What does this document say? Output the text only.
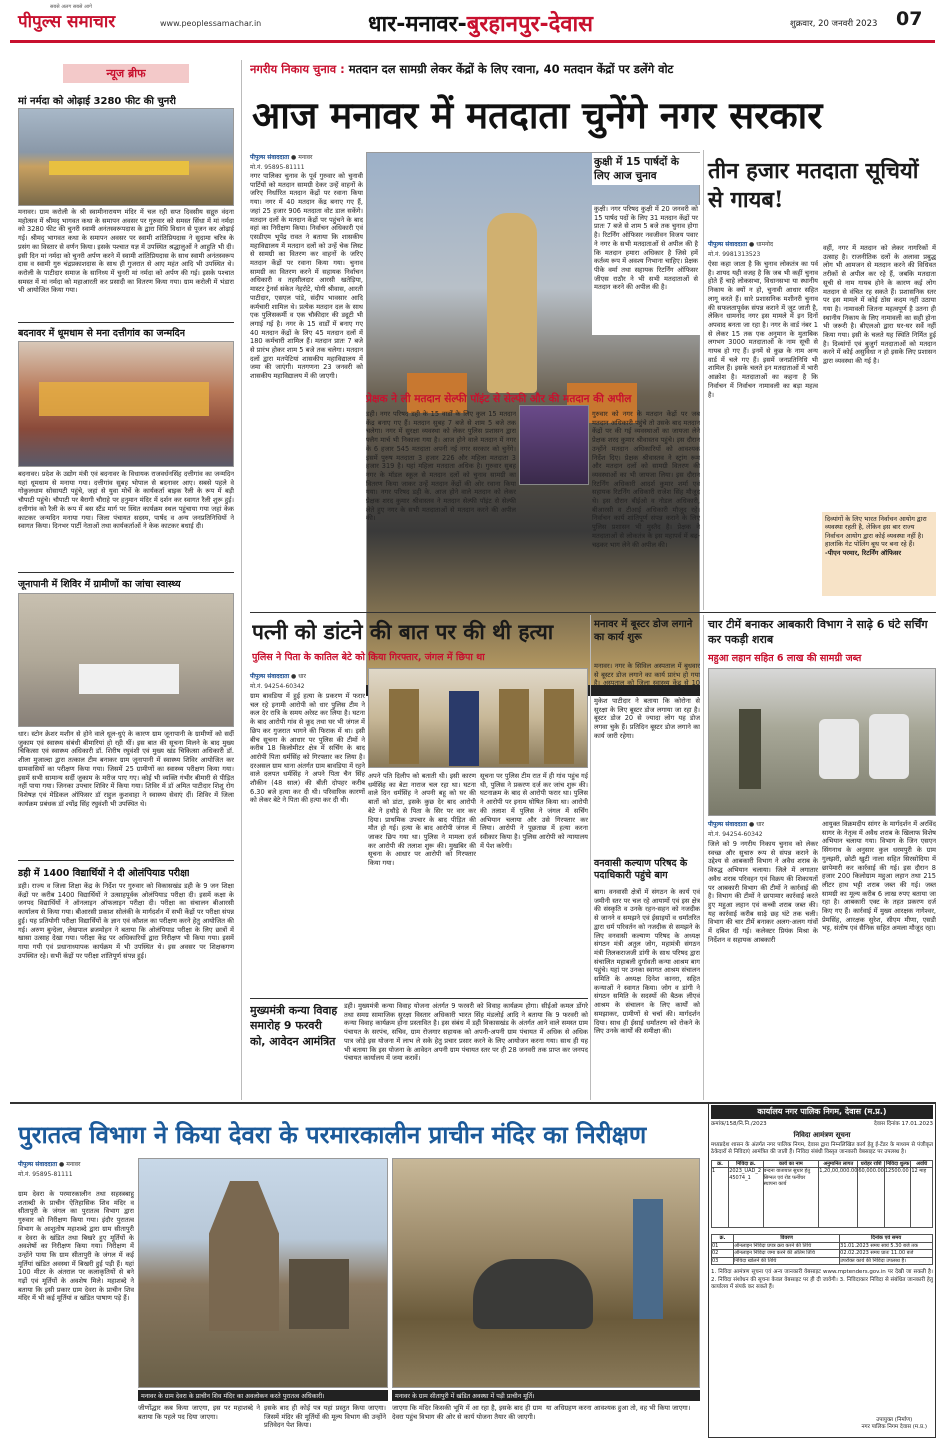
पीपुल्स समाचार
सबसे अलग सबसे आगे
www.peoplessamachar.in	धार-मनावर-बुरहानपुर-देवास	शुक्रवार, 20 जनवरी 2023 07
न्यूज ब्रीफ
मां नर्मदा को ओढ़ाई 3280 फीट की चुनरी
मनावर। ग्राम करोली के श्री स्वामीनारायण मंदिर में चल रही सप्त दिवसीय सद्गुरु वंदना महोत्सव में श्रीमद् भागवत कथा के समापन अवसर पर गुरुवार को समस्त सिंधा में मां नर्मदा को 3280 फीट की चुनरी स्वामी अनंतस्वरूपदास के द्वारा विधि विधान से पूजन कर ओढ़ाई गई। श्रीमद् भागवत कथा के समापन अवसर पर स्वामी शांतिप्रियदास ने सुदामा चरित्र के प्रसंग का विस्तार से वर्णन किया। इसके पश्चात यज्ञ में उपस्थित श्रद्धालुओं ने आहुति भी दी। इसी दिन मां नर्मदा को चुनरी अर्पण करने में स्वामी शांतिप्रियदास के साथ स्वामी अनंतस्वरूप दास व स्वामी गुरु चंद्रप्रकाशदास के साथ ही गुजरात से आए महंत आदि भी उपस्थित थे। करोली के पाटीदार समाज के सानिध्य में चुनरी मां नर्मदा को अर्पण की गई। इसके पश्चात समस्त में मां नर्मदा को महाआरती कर प्रसादी का वितरण किया गया। ग्राम करोली में भंडारा भी आयोजित किया गया।
बदनावर में धूमधाम से मना दत्तीगांव का जन्मदिन
बदनावर। प्रदेश के उद्योग मंत्री एवं बदनावर के विधायक राजवर्धनसिंह दत्तीगांव का जन्मदिन यहां धूमधाम से मनाया गया। दत्तीगांव सुबह भोपाल से बदनावर आए। सबसे पहले वे गोकुलधाम सोसायटी पहुंचे, जहां से युवा मोर्चे के कार्यकर्ता बाइक रैली के रूप में बड़ी चौपाटी पहुंचे। चौपाटी पर बैरागी चौराहे पर हनुमान मंदिर में दर्शन कर स्वागत रैली शुरू हुई। दत्तीगांव को रैली के रूप में बस स्टैंड मार्ग पर स्थित कार्यक्रम स्थल पहुंचाया गया जहां केक काटकर जन्मदिन मनाया गया। जिला पंचायत सदस्य, पार्षद व अन्य जनप्रतिनिधियों ने स्वागत किया। दिनभर पार्टी नेताओं तथा कार्यकर्ताओं ने केक काटकर बधाई दी।
जूनापानी में शिविर में ग्रामीणों का जांचा स्वास्थ्य
धार। स्टोन क्रेशर मशीन से होने वाले धूल-धुएं के कारण ग्राम जूनापानी के ग्रामीणों को सर्दी जुकाम एवं स्वास्थ्य संबंधी बीमारियां हो रही थीं। इस बात की सूचना मिलने के बाद मुख्य चिकित्सा एवं स्वास्थ्य अधिकारी डॉ. शिरीष रघुवंशी एवं मुख्य खंड चिकित्सा अधिकारी डॉ. शीला मुजाल्दा द्वारा तत्काल टीम बनाकर ग्राम जूनापानी में स्वास्थ्य शिविर आयोजित कर ग्रामवासियों का परीक्षण किया गया। जिसमें 25 ग्रामीणों का स्वास्थ्य परीक्षण किया गया। इसमें सभी सामान्य सर्दी जुकाम के मरीज पाए गए। कोई भी व्यक्ति गंभीर बीमारी से पीड़ित नहीं पाया गया। जिनका उपचार शिविर में किया गया। शिविर में डॉ अमित पाटीदार शिशु रोग विशेषज्ञ एवं मेडिकल ऑफिसर डॉ राहुल कुशवाहा ने स्वास्थ्य सेवाएं दीं। शिविर में जिला कार्यक्रम प्रबंधक डॉ श्योंद्र सिंह रघुवंशी भी उपस्थित थे।
डही में 1400 विद्यार्थियों ने दी ओलंपियाड परीक्षा
डही। राज्य व जिला शिक्षा केंद्र के निर्देश पर गुरुवार को विकासखंड डही के 9 जन शिक्षा केंद्रों पर करीब 1400 विद्यार्थियों ने उत्साहपूर्वक ओलंपियाड परीक्षा दी। इसमें कक्षा के जनपद विद्यार्थियों ने ऑनलाइन ऑफलाइन परीक्षा दी। परीक्षा का संचालन बीआरसी कार्यालय से किया गया। बीआरसी प्रकाश सोलंकी के मार्गदर्शन में सभी केंद्रों पर परीक्षा संपन्न हुई। यह प्रतियोगी परीक्षा विद्यार्थियों के ज्ञान एवं कौशल का परीक्षण करने हेतु आयोजित की गई। अरुण बुन्देला, लेखपाल ब्रजमोहन ने बताया कि ओलंपियाड परीक्षा के लिए छात्रों में खासा उत्साह देखा गया। परीक्षा केंद्र पर अधिकारियों द्वारा निरीक्षण भी किया गया। इसमें गाया गयी एवं प्रधानाध्यापक कार्यक्रम में भी उपस्थित थे। इस अवसर पर शिक्षकगण उपस्थित रहे। सभी केंद्रों पर परीक्षा शांतिपूर्ण संपन्न हुई।
नगरीय निकाय चुनाव : मतदान दल सामग्री लेकर केंद्रों के लिए रवाना, 40 मतदान केंद्रों पर डलेंगे वोट
आज मनावर में मतदाता चुनेंगे नगर सरकार
पीपुल्स संवाददाता ● मनावर
मो.नं. 95895-81111
नगर पालिका चुनाव के पूर्व गुरुवार को चुनावी पार्टियों को मतदान सामग्री देकर उन्हें वाहनों के जरिए निर्धारित मतदान केंद्रों पर रवाना किया गया। नगर में 40 मतदान केंद्र बनाए गए हैं, जहां 25 हजार 906 मतदाता वोट डाल सकेंगे। मतदान दलों के मतदान केंद्रों पर पहुंचने के बाद वहां का निरीक्षण किया। निर्वाचन अधिकारी एवं एसडीएम भूपेंद्र रावत ने बताया कि शासकीय महाविद्यालय में मतदान दलों को उन्हें चेक लिस्ट से सामग्री का वितरण कर वाहनों के जरिए मतदान केंद्रों पर रवाना किया गया। चुनाव सामग्री का वितरण करने में सहायक निर्वाचन अधिकारी व तहसीलदार आरसी खतेड़िया, मास्टर ट्रेनर्स संकेत नेहरोटे, योगी श्रीवास, आरती पाटीदार, एसएल पांडे, संदीप भावसार आदि कर्मचारी शामिल थे। प्रत्येक मतदान दल के साथ एक पुलिसकर्मी व एक चौकीदार की ड्यूटी भी लगाई गई है। नगर के 15 वार्डों में बनाए गए 40 मतदान केंद्रों के लिए 45 मतदान दलों में 180 कर्मचारी शामिल हैं। मतदान प्रातः 7 बजे से प्रारंभ होकर शाम 5 बजे तक चलेगा। मतदान दलों द्वारा मतपेटियां शासकीय महाविद्यालय में जमा की जाएंगी। मतगणना 23 जनवरी को शासकीय महाविद्यालय में की जाएगी।
कुक्षी में 15 पार्षदों के लिए आज चुनाव
कुक्षी। नगर परिषद कुक्षी में 20 जनवरी को 15 पार्षद पदों के लिए 31 मतदान केंद्रों पर प्रातः 7 बजे से शाम 5 बजे तक चुनाव होगा है। रिटर्निंग ऑफिसर नवजीवन विजय पवार ने नगर के सभी मतदाताओं से अपील की है कि मतदान हमारा अधिकार है जिसे हमें कर्तव्य रूप में अवश्य निभाना चाहिए। प्रेक्षक पीके वर्मा तथा सहायक रिटर्निंग ऑफिसर जीएस राठौर ने भी सभी मतदाताओं से मतदान करने की अपील की है।
प्रेक्षक ने ली मतदान सेल्फी पॉइंट से सेल्फी और की मतदान की अपील
डही। नगर परिषद डही के 15 वार्डों के लिए कुल 15 मतदान केंद्र बनाए गए हैं। मतदान सुबह 7 बजे से शाम 5 बजे तक चलेगा। नगर में सुरक्षा व्यवस्था को लेकर पुलिस प्रशासन द्वारा फ्लैग मार्च भी निकाला गया है। आज होने वाले मतदान में नगर के 6 हजार 545 मतदाता अपनी नई नगर सरकार को चुनेंगे। इसमें पुरुष मतदाता 3 हजार 226 और महिला मतदाता 3 हजार 319 है। यहां महिला मतदाता अधिक है। गुरुवार सुबह नगर के मॉडल स्कूल से मतदान दलों को चुनाव सामग्री का वितरण किया जाकर उन्हें मतदान केंद्रों की ओर रवाना किया गया। नगर परिषद डही के. आज होने वाले मतदान को लेकर प्रेक्षक शरद कुमार श्रीवास्तव ने मतदान सेल्फी पॉइंट से सेल्फी लेते हुए नगर के सभी मतदाताओं से मतदान करने की अपील की।
गुरुवार को नगर के मतदान केंद्रों पर जब मतदान अधिकारी पहुंचे तो उसके बाद मतदान केंद्रों पर की गई व्यवस्थाओं का जायजा लेने प्रेक्षक शरद कुमार श्रीवास्तव पहुंचे। इस दौरान उन्होंने मतदान अधिकारियों को आवश्यक निर्देश दिए। प्रेक्षक श्रीवास्तव ने स्ट्रांग रूम और मतदान दलों को सामग्री वितरण की व्यवस्थाओं का भी जायजा लिया। इस दौरान रिटर्निंग अधिकारी आदर्श कुमार शर्मा एवं सहायक रिटर्निंग अधिकारी राजेश सिंह मौजूद थे। इस दौरान बीईओ व नोडल अधिकारी, बीआरसी व टीआई अधिकारी मौजूद रहे। निर्वाचन कार्य शांतिपूर्ण संपन्न कराने के लिए पुलिस प्रशासन भी मुस्तैद है। प्रेक्षक ने मतदाताओं से लोकतंत्र के इस महापर्व में बढ़-चढ़कर भाग लेने की अपील की।
तीन हजार मतदाता सूचियों से गायब!
पीपुल्स संवाददाता ● धामनोद
मो.नं. 9981313523
ऐसा कहा जाता है कि चुनाव लोकतंत्र का पर्व है। शायद यही वजह है कि जब भी कहीं चुनाव होते हैं चाहे लोकसभा, विधानसभा या स्थानीय निकाय के क्यों न हो, चुनावी आधार सहित लागू करते हैं। सारे प्रशासनिक मशीनरी चुनाव की सफलतापूर्वक संपन्न कराने में जुट जाती है, लेकिन धामनोद नगर इस मामले में इन दिनों अपवाद बनता जा रहा है। नगर के वार्ड नंबर 1 से लेकर 15 तक एक अनुमान के मुताबिक लगभग 3000 मतदाताओं के नाम सूची से गायब हो गए हैं। इनमें से कुछ के नाम अन्य वार्ड में चले गए हैं। इसमें जनप्रतिनिधि भी शामिल हैं। इसके चलते इन मतदाताओं में भारी आक्रोश है। मतदाताओं का कहना है कि निर्वाचन में निर्वाचन नामावली का बड़ा महत्व है।
वहीं, नगर में मतदान को लेकर नागरिकों में उत्साह है। राजनीतिक दलों के अलावा प्रबुद्ध लोग भी आमजन से मतदान करने की विधिवत तरीकों से अपील कर रहे हैं, जबकि मतदाता सूची से नाम गायब होने के कारण कई लोग मतदान से वंचित रह सकते हैं। प्रशासनिक स्तर पर इस मामले में कोई ठोस कदम नहीं उठाया गया है। नामावली जितना महत्वपूर्ण है उतना ही स्थानीय निकाय के लिए नामावली का सही होना भी जरूरी है। बीएलओ द्वारा घर-घर सर्वे नहीं किया गया। इसी के चलते यह स्थिति निर्मित हुई है। दिव्यांगों एवं बुजुर्ग मतदाताओं को मतदान करने में कोई असुविधा न हो इसके लिए प्रशासन द्वारा व्यवस्था की गई है।
दिव्यांगों के लिए भारत निर्वाचन आयोग द्वारा व्यवस्था रहती है, लेकिन इस बार राज्य निर्वाचन आयोग द्वारा कोई व्यवस्था नहीं है। हालांकि गेट पोलिंग बूथ पर बना रहे हैं।
-पीएन परमार, रिटर्निंग ऑफिसर
पत्नी को डांटने की बात पर की थी हत्या
पुलिस ने पिता के कातिल बेटे को किया गिरफ्तार, जंगल में छिपा था
पीपुल्स संवाददाता ● धार
मो.नं. 94254-60342
ग्राम बावडिया में हुई हत्या के प्रकरण में फरार चल रहे इनामी आरोपी को धार पुलिस टीम ने कल देर रात्रि के समय अरेस्ट कर लिया है। घटना के बाद आरोपी गांव से कूद तथा घर भी जंगल में छिप कर गुजरात भागने की फिराक में था। इसी बीच सूचना के आधार पर पुलिस की टीमों ने करीब 18 किलोमीटर क्षेत्र में सर्चिंग के बाद आरोपी पिता धर्मसिंह को गिरफ्तार कर लिया है। दरअसल ग्राम थाना अंतर्गत ग्राम बावडिया में रहने वाले दलपत धर्मसिंह ने अपने पिता चैन सिंह शौकीन (48 साल) की बीती दोपहर करीब 6.30 बजे हत्या कर दी थी। परिवारिक कारणों को लेकर बेटे ने पिता की हत्या कर दी थी।
अपने पति दिलीप को बताती थी। इसी कारण धर्मसिंह का बेटा नाराज चल रहा था। घटना वाले दिन धर्मसिंह ने अपनी बहू को घर की बातों को डांटा, इसके कुछ देर बाद आरोपी बेटे ने हथौड़े से पिता के सिर पर वार कर दिया। प्राथमिक उपचार के बाद पीड़ित की मौत हो गई। हत्या के बाद आरोपी जंगल में जाकर छिप गया था। पुलिस ने मामला दर्ज कर आरोपी की तलाश शुरू की। मुखबिर की सूचना के आधार पर आरोपी को गिरफ्तार किया गया।
सूचना पर पुलिस टीम रात में ही गांव पहुंच गई थी, पुलिस ने प्रकरण दर्ज कर जांच शुरू की। घटनाक्रम के बाद से आरोपी फरार था। पुलिस ने आरोपी पर इनाम घोषित किया था। आरोपी की तलाश में पुलिस ने जंगल में सर्चिंग अभियान चलाया और उसे गिरफ्तार कर लिया। आरोपी ने पूछताछ में हत्या करना स्वीकार किया है। पुलिस आरोपी को न्यायालय में पेश करेगी।
मुख्यमंत्री कन्या विवाह समारोह 9 फरवरी को, आवेदन आमंत्रित
डही। मुख्यमंत्री कन्या विवाह योजना अंतर्गत 9 फरवरी को विवाह कार्यक्रम होगा। सीईओ कमल डोंगरे तथा समग्र सामाजिक सुरक्षा विस्तार अधिकारी भारत सिंह मंडलोई आदि ने बताया कि 9 फरवरी को कन्या विवाह कार्यक्रम होना प्रस्तावित है। इस संबंध में डही विकासखंड के अंतर्गत आने वाले समस्त ग्राम पंचायत के सरपंच, सचिव, ग्राम रोजगार सहायक को अपनी-अपनी ग्राम पंचायत में अधिक से अधिक पात्र जोड़े इस योजना में लाभ ले सके हेतु प्रचार प्रसार करने के लिए आयोजन करना गया। साथ ही यह भी बताया कि इस योजना के आवेदन अपनी ग्राम पंचायत स्तर पर ही 28 जनवरी तक प्राप्त कर जनपद पंचायत कार्यालय में जमा करावें।
मनावर में बूस्टर डोज लगाने का कार्य शुरू
मनावर। नगर के सिविल अस्पताल में बुधवार से बूस्टर डोज लगाने का कार्य प्रारंभ हो गया है। अस्पताल को जिला स्वास्थ्य केंद्र से 10 हजार बूस्टर डोज प्राप्त हुए हैं। बीएमओ मुकेश पाटीदार ने बताया कि कोरोना से सुरक्षा के लिए बूस्टर डोज लगाया जा रहा है। बूस्टर डोज 20 से ज्यादा लोग यह डोज लगवा चुके हैं। प्रतिदिन बूस्टर डोज लगाने का कार्य जारी रहेगा।
वनवासी कल्याण परिषद के पदाधिकारी पहुंचे बाग
बाग। वनवासी क्षेत्रों में संगठन के कार्य एवं जमीनी स्तर पर चल रहे आयामों एवं इस क्षेत्र की संस्कृति व उनके रहन-सहन को नजदीक से जानने व समझने एवं ईसाइयों व धर्मांतरित द्वारा धर्म परिवर्तन को नजदीक से समझने के लिए वनवासी कल्याण परिषद के अध्यक्ष संगठन मंत्री अतुल जोग, महामंत्री संगठन मंत्री तिलकराजजी डांगी के साथ परिषद द्वारा संचालित महाबली दुर्गावती कन्या आश्रम बाग पहुंचे। यहां पर उनका स्वागत आश्रम संचालन समिति के अध्यक्ष दिनेश कानरा, सहित कन्याओं ने स्वागत किया। जोग व डांगी ने संगठन समिति के सदस्यों की बैठक लीएवं आश्रम के संचालन के लिए कार्यों को समझाकर, ग्रामीणों से चर्चा की। मार्गदर्शन दिया। साथ ही ईसाई धर्मांतरण को रोकने के लिए उनके कार्यों की समीक्षा की।
चार टीमें बनाकर आबकारी विभाग ने साढ़े 6 घंटे सर्चिंग कर पकड़ी शराब
महुआ लहान सहित 6 लाख की सामग्री जब्त
पीपुल्स संवाददाता ● धार
मो.नं. 94254-60342
जिले को 9 नगरीय निकाय चुनाव को लेकर स्वच्छ और सुचारु रूप से संपन्न कराने के उद्देश्य से आबकारी विभाग ने अवैध शराब के विरुद्ध अभियान चलाया। जिले में लगातार अवैध शराब परिवहन एवं विक्रय की शिकायतों पर आबकारी विभाग की टीमों ने कार्रवाई की है। विभाग की टीमों ने छापामार कार्रवाई करते हुए महुआ लहान एवं कच्ची शराब जब्त की। यह कार्रवाई करीब साढ़े छह घंटे तक चली। विभाग की चार टीमें बनाकर अलग-अलग गांवों में दबिश दी गई। कलेक्टर प्रियंक मिश्रा के निर्देशन व सहायक आबकारी
आयुक्त विक्रमदीप सांगर के मार्गदर्शन में अरविंद सागर के नेतृत्व में अवैध शराब के खिलाफ विशेष अभियान चलाया गया। विभाग के जिन एसएन सिंगनाथ के अनुसार कुल धरमपुरी के ग्राम गुलझरी, छोटी खुटी नाला सहित सिरसोदिया में छापेमारी कर कार्रवाई की गई। इस दौरान 8 हजार 200 किलोग्राम महुआ लहान तथा 215 लीटर हाथ भट्टी शराब जब्त की गई। जब्त सामग्री का मूल्य करीब 6 लाख रुपए बताया जा रहा है। आबकारी एक्ट के तहत प्रकरण दर्ज किए गए हैं। कार्रवाई में मुख्य आरक्षक नागेश्वर, प्रेमसिंह, आरक्षक सुरेश, सीएम मीणा, एसडी भट्ट, संतोष एवं सैनिक सहित अमला मौजूद रहा।
पुरातत्व विभाग ने किया देवरा के परमारकालीन प्राचीन मंदिर का निरीक्षण
पीपुल्स संवाददाता ● मनावर
मो.नं. 95895-81111
ग्राम देवरा के परमारकालीन तथा सहस्त्रबाहु शताब्दी के प्राचीन ऐतिहासिक शिव मंदिर व सीतापुरी के जंगल का पुरातत्व विभाग द्वारा गुरुवार को निरीक्षण किया गया। इंदौर पुरातत्व विभाग के आशुतोष महाशब्दे द्वारा ग्राम सीतापुरी व देवरा के खंडित तथा बिखरे हुए मूर्तियों के अवशेषों का निरीक्षण किया गया। निरीक्षण में उन्होंने पाया कि ग्राम सीतापुरी के जंगल में कई मूर्तियां खंडित अवस्था में बिखरी हुई पड़ी हैं। यहां 100 मीटर के अंतराल पर कलाकृतियों से बने गढ़ों एवं मूर्तियों के अवशेष मिले। महाशब्दे ने बताया कि इसी प्रकार ग्राम देवरा के प्राचीन शिव मंदिर में भी कई मूर्तियां व खंडित पाषाण पड़े हैं।
मनावर के ग्राम देवरा के प्राचीन शिव मंदिर का अवलोकन करते पुरातत्व अधिकारी।	मनावर के ग्राम सीतापुरी में खंडित अवस्था में पड़ी प्राचीन मूर्ति।
जीर्णोद्धार कब किया जाएगा, इस पर महाशब्दे ने बताया कि पहले पद दिया जाएगा।
इसके बाद ही कोई पत्र यहां प्रस्तुत किया जाएगा। जिसमें मंदिर की मूर्तियों की मूल्य विभाग की उन्होंने प्रतिवेदन पेश किया।
जाएगा कि मंदिर किसकी भूमि में आ रहा है, इसके बाद ही ग्राम देवरा पहुंच विभाग की ओर से कार्य योजना तैयार की जाएगी।
या अधिग्रहण करना आवश्यक हुआ तो, वह भी किया जाएगा।
कार्यालय नगर पालिक निगम, देवास (म.प्र.)
क्रमांक/158/नि.नि./2023	देवास दिनांक 17.01.2023
निविदा आमंत्रण सूचना
मध्यप्रदेश शासन के अंतर्गत नगर पालिक निगम, देवास द्वारा निम्नलिखित कार्य हेतु ई-टेंडर के माध्यम से पंजीकृत ठेकेदारों से निविदाएं आमंत्रित की जाती हैं। निविदा संबंधी विस्तृत जानकारी वेबसाइट पर उपलब्ध है।
क्र.	निविदा क्र.	कार्य का नाम	अनुमानित लागत	धरोहर राशि	निविदा शुल्क	अवधि
1	2023_UAD_245074_1	वन्दना यातायात सुधार हेतु सिग्नल एवं रोड फर्नीचर स्थापना कार्य	1,20,00,000.00	60,000.00	12500.00	12 माह
क्र.	विवरण	दिनांक एवं समय
01	ऑनलाइन निविदा प्रपत्र क्रय करने की तिथि	31.01.2023 समय सायं 5.30 बजे तक
02	ऑनलाइन निविदा जमा करने की अंतिम तिथि	02.02.2023 समय प्रातः 11.00 बजे
03	निविदा खोलने की तिथि	उपरोक्त कार्य की निविदा उपलब्ध है।
1. निविदा आमंत्रण सूचना एवं अन्य जानकारी वेबसाइट www.mptenders.gov.in पर देखी जा सकती है। 2. निविदा संशोधन की सूचना केवल वेबसाइट पर ही दी जावेगी। 3. निविदाकार निविदा से संबंधित जानकारी हेतु कार्यालय में संपर्क कर सकते हैं।
उपायुक्त (निर्माण)
नगर पालिक निगम देवास (म.प्र.)
